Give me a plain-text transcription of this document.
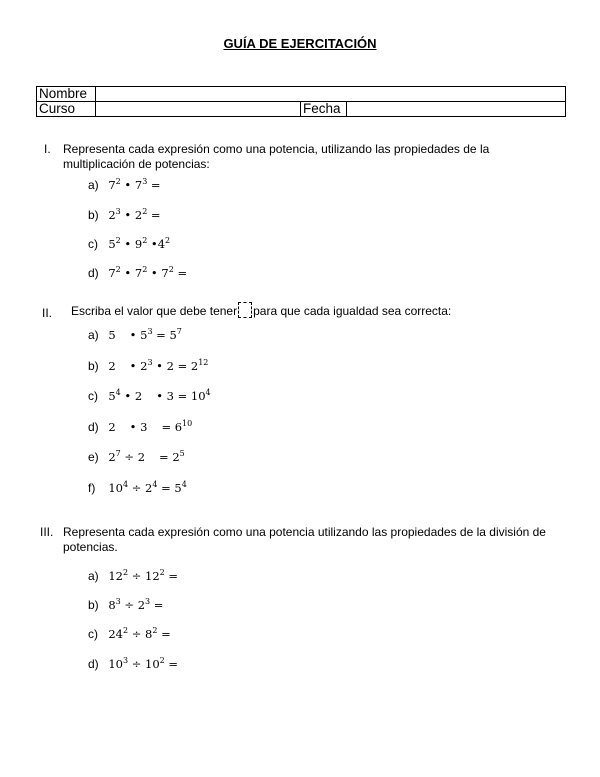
GUÍA DE EJERCITACIÓN
Nombre			
Curso		Fecha	
I. Representa cada expresión como una potencia, utilizando las propiedades de la multiplicación de potencias:
a) $7^2$ • $7^3$ =
b) $2^3$ • $2^2$ =
c) $5^2$ • $9^2$ $•4^2$
d) $7^2$ • $7^2$ • $7^2$ =
II. Escriba el valor que debe tener para que cada igualdad sea correcta:
a) 5 • $5^3 = 5^7$
b) 2 • $2^3$ • $2 = 2^{12}$
c) $5^4$ • 2 • $3 = 10^4$
d) 2 • $3 = 6^{10}$
e) $2^7 \div 2 = 2^5$
f) $10^4 \div 2^4 = 5^4$
III. Representa cada expresión como una potencia utilizando las propiedades de la división de potencias.
a) $12^2 \div 12^2$ =
b) $8^3 \div 2^3$ =
c) $24^2 \div 8^2$ =
d) $10^3 \div 10^2$ =
